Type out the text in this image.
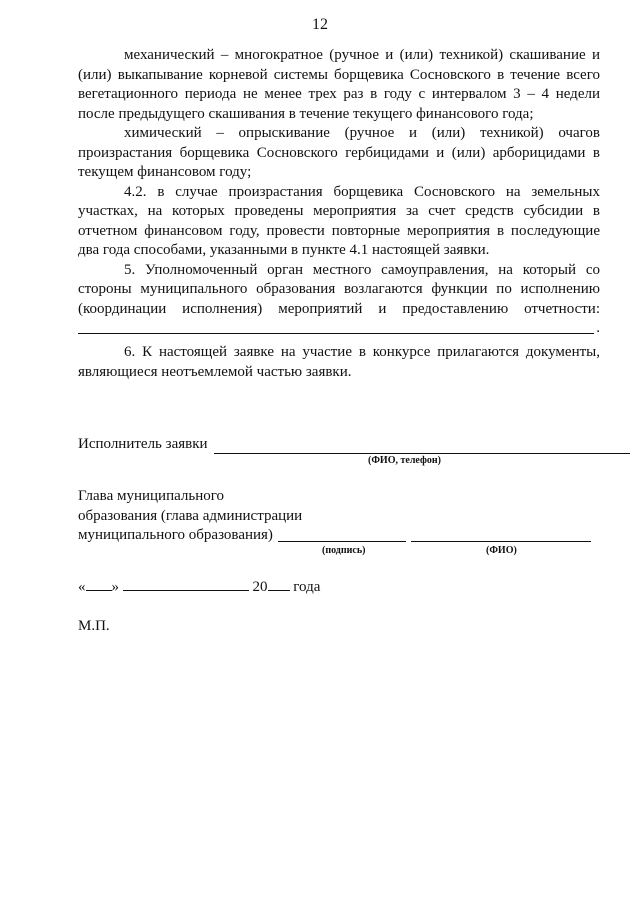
12

механический – многократное (ручное и (или) техникой) скашивание и (или) выкапывание корневой системы борщевика Сосновского в течение всего вегетационного периода не менее трех раз в году с интервалом 3 – 4 недели после предыдущего скашивания в течение текущего финансового года;

химический – опрыскивание (ручное и (или) техникой) очагов произрастания борщевика Сосновского гербицидами и (или) арборицидами в текущем финансовом году;

4.2. в случае произрастания борщевика Сосновского на земельных участках, на которых проведены мероприятия за счет средств субсидии в отчетном финансовом году, провести повторные мероприятия в последующие два года способами, указанными в пункте 4.1 настоящей заявки.

5. Уполномоченный орган местного самоуправления, на который со стороны муниципального образования возлагаются функции по исполнению (координации исполнения) мероприятий и предоставлению отчетности:

.

6. К настоящей заявке на участие в конкурсе прилагаются документы, являющиеся неотъемлемой частью заявки.

Исполнитель заявки
(ФИО, телефон)
Глава муниципального
образования (глава администрации
муниципального образования)
(подпись)	(ФИО)
« »	20 года
М.П.
